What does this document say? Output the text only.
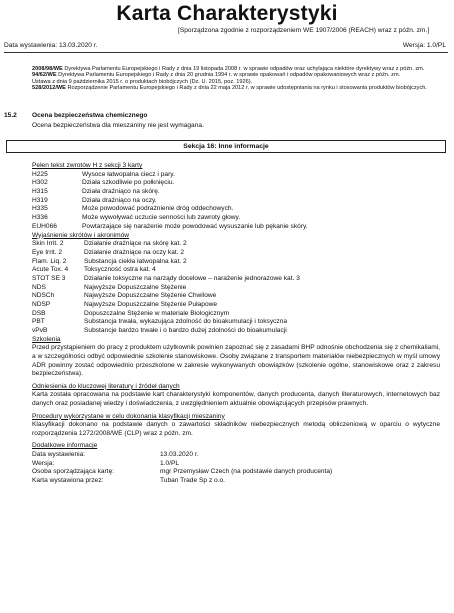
Karta Charakterystyki
[Sporządzona zgodnie z rozporządzeniem WE 1907/2006 (REACH) wraz z późn. zm.]
Data wystawienia: 13.03.2020 r.	Wersja: 1.0/PL

2008/98/WE Dyrektywa Parlamentu Europejskiego i Rady z dnia 19 listopada 2008 r. w sprawie odpadów oraz uchylająca niektóre dyrektywy wraz z późn. zm.

94/62/WE Dyrektywa Parlamentu Europejskiego i Rady z dnia 20 grudnia 1994 r. w sprawie opakowań i odpadów opakowaniowych wraz z późn. zm.

Ustawa z dnia 9 października 2015 r. o produktach biobójczych (Dz. U. 2015, poz. 1926).

528/2012/WE Rozporządzenie Parlamentu Europejskiego i Rady z dnia 22 maja 2012 r. w sprawie udostępniania na rynku i stosowania produktów biobójczych.

15.2 Ocena bezpieczeństwa chemicznego
Ocena bezpieczeństwa dla mieszaniny nie jest wymagana.
Sekcja 16: Inne informacje

Pełen tekst zwrotów H z sekcji 3 karty

H225	Wysoce łatwopalna ciecz i pary.
H302	Działa szkodliwie po połknięciu.
H315	Działa drażniąco na skórę.
H319	Działa drażniąco na oczy.
H335	Może powodować podrażnienie dróg oddechowych.
H336	Może wywoływać uczucie senności lub zawroty głowy.
EUH066	Powtarzające się narażenie może powodować wysuszanie lub pękanie skóry.

Wyjaśnienie skrótów i akronimów

Skin Irrit. 2	Działanie drażniące na skórę kat. 2
Eye Irrit. 2	Działanie drażniące na oczy kat. 2
Flam. Liq. 2	Substancja ciekła łatwopalna kat. 2
Acute Tox. 4	Toksyczność ostra kat. 4
STOT SE 3	Działanie toksyczne na narządy docelowe – narażenie jednorazowe kat. 3
NDS	Najwyższe Dopuszczalne Stężenie
NDSCh	Najwyższe Dopuszczalne Stężenie Chwilowe
NDSP	Najwyższe Dopuszczalne Stężenie Pułapowe
DSB	Dopuszczalne Stężenie w materiale Biologicznym
PBT	Substancja trwała, wykazująca zdolność do bioakumulacji i toksyczna
vPvB	Substancje bardzo trwałe i o bardzo dużej zdolności do bioakumulacji

Szkolenia

Przed przystąpieniem do pracy z produktem użytkownik powinien zapoznać się z zasadami BHP odnośnie obchodzenia się z chemikaliami, a w szczególności odbyć odpowiednie szkolenie stanowiskowe. Osoby związane z transportem materiałów niebezpiecznych w myśl umowy ADR powinny zostać odpowiednio przeszkolone w zakresie wykonywanych obowiązków (szkolenie ogólne, stanowiskowe oraz z zakresu bezpieczeństwa).

Odniesienia do kluczowej literatury i źródeł danych

Karta została opracowana na podstawie kart charakterystyki komponentów, danych producenta, danych literaturowych, internetowych baz danych oraz posiadanej wiedzy i doświadczenia, z uwzględnieniem aktualnie obowiązujących przepisów prawnych.

Procedury wykorzystane w celu dokonania klasyfikacji mieszaniny

Klasyfikacji dokonano na podstawie danych o zawartości składników niebezpiecznych metodą obliczeniową w oparciu o wytyczne rozporządzenia 1272/2008/WE (CLP) wraz z późn. zm.

Dodatkowe informacje

Data wystawienia:	13.03.2020 r.
Wersja:	1.0/PL
Osoba sporządzająca kartę:	mgr Przemysław Czech (na podstawie danych producenta)
Karta wystawiona przez:	Tuban Trade Sp z o.o.
